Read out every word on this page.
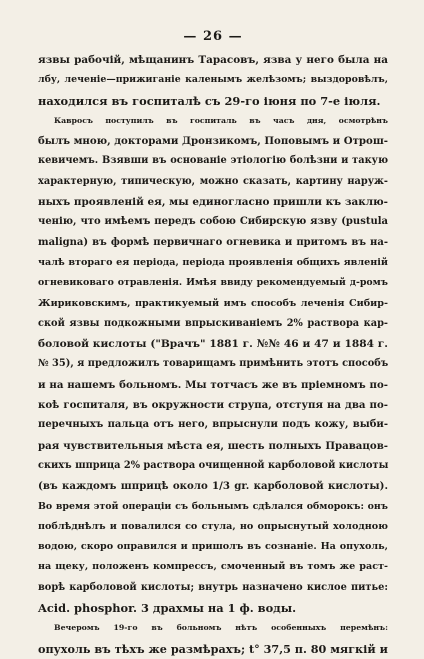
— 26 —

язвы рабочій, мѣщанинъ Тарасовъ, язва у него была на
лбу, леченіе—прижиганіе каленымъ желѣзомъ; выздоровѣлъ,
находился въ госпиталѣ съ 29-го іюня по 7-е іюля.

Кавросъ поступилъ въ госпиталь въ часъ дня, осмотрѣнъ
былъ мною, докторами Дронзикомъ, Поповымъ и Отрош-
кевичемъ. Взявши въ основаніе этіологію болѣзни и такую
характерную, типическую, можно сказать, картину наруж-
ныхъ проявленій ея, мы единогласно пришли къ заклю-
ченію, что имѣемъ передъ собою Сибирскую язву (pustula
maligna) въ формѣ первичнаго огневика и притомъ въ на-
чалѣ втораго ея періода, періода проявленія общихъ явленій
огневиковаго отравленія. Имѣя ввиду рекомендуемый д-ромъ
Жириковскимъ, практикуемый имъ способъ леченія Сибир-
ской язвы подкожными впрыскиваніемъ 2% раствора кар-
боловой кислоты ("Врачъ" 1881 г. №№ 46 и 47 и 1884 г.
№ 35), я предложилъ товарищамъ примѣнить этотъ способъ
и на нашемъ больномъ. Мы тотчасъ же въ пріемномъ по-
коѣ госпиталя, въ окружности струпа, отступя на два по-
перечныхъ пальца отъ него, впрыснули подъ кожу, выби-
рая чувствительныя мѣста ея, шесть полныхъ Правацов-
скихъ шприца 2% раствора очищенной карболовой кислоты
(въ каждомъ шприцѣ около 1/3 gr. карболовой кислоты).
Во время этой операціи съ больнымъ сдѣлался обморокъ: онъ
поблѣднѣлъ и повалился со стула, но опрыснутый холодною
водою, скоро оправился и пришолъ въ сознаніе. На опухоль,
на щеку, положенъ компрессъ, смоченный въ томъ же раст-
ворѣ карболовой кислоты; внутрь назначено кислое питье:
Acid. phosphor. 3 драхмы на 1 ф. воды.

Вечеромъ 19-го въ больномъ нѣтъ особенныхъ перемѣнъ:
опухоль въ тѣхъ же размѣрахъ; t° 37,5 п. 80 мягкій и
